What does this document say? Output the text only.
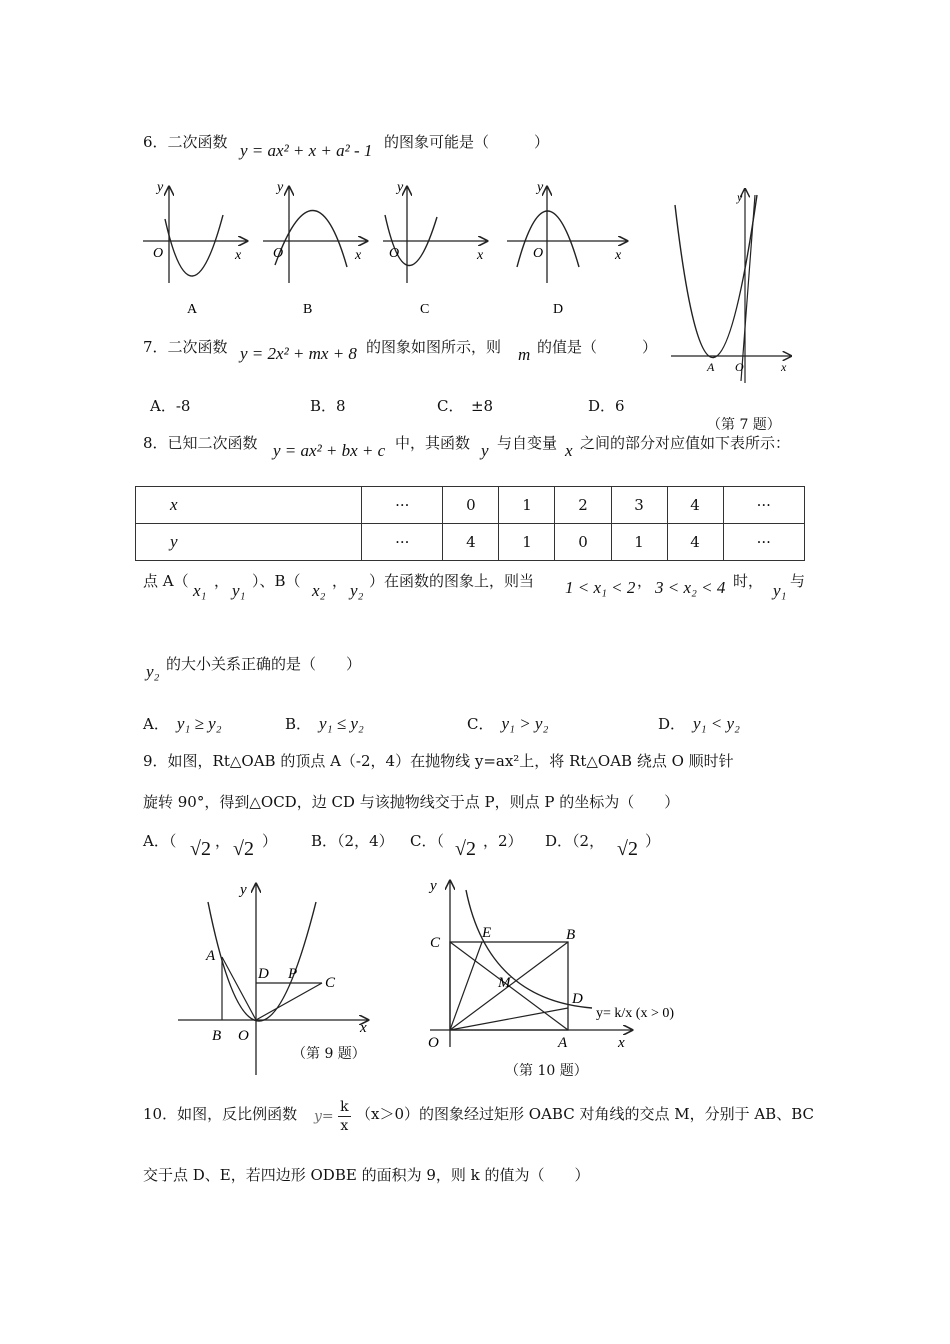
6．二次函数 y = ax² + x + a² - 1 的图象可能是（　　　）
O	x
y
O	x
y
O	x
y
O	x
y
A	B	C	D
y
A O	x
（第 7 题）
7．二次函数 y = 2x² + mx + 8 的图象如图所示，则 m 的值是（　　　）
A．-8	B．8	C．　±8	D．6
8．已知二次函数 y = ax² + bx + c 中，其函数 y 与自变量 x 之间的部分对应值如下表所示：
x	···	0	1	2	3	4	···
y	···	4	1	0	1	4	···
点 A（ x₁ ， y₁ ）、B（ x₂ ， y₂ ）在函数的图象上，则当 1 < x₁ < 2 ， 3 < x₂ < 4 时， y₁ 与
y₂ 的大小关系正确的是（　　）
A． y₁ ≥ y₂	B． y₁ ≤ y₂	C． y₁ > y₂	D． y₁ < y₂
9．如图，Rt△OAB 的顶点 A（-2，4）在抛物线 y=ax²上，将 Rt△OAB 绕点 O 顺时针
旋转 90°，得到△OCD，边 CD 与该抛物线交于点 P，则点 P 的坐标为（　　）
A．（ √2 ， √2 ） B．（2，4） C．（ √2 ，2） D．（2， √2 ）
A
B O
D P
C
x
y
（第 9 题）
C
E	B
M
D
O	A	x
y
y= k/x (x > 0)
（第 10 题）
10．如图，反比例函数 $y= \frac{k}{x} (x>0)$的图象经过矩形 OABC 对角线的交点 M，分别于 AB、BC
交于点 D、E，若四边形 ODBE 的面积为 9，则 k 的值为（　　）
